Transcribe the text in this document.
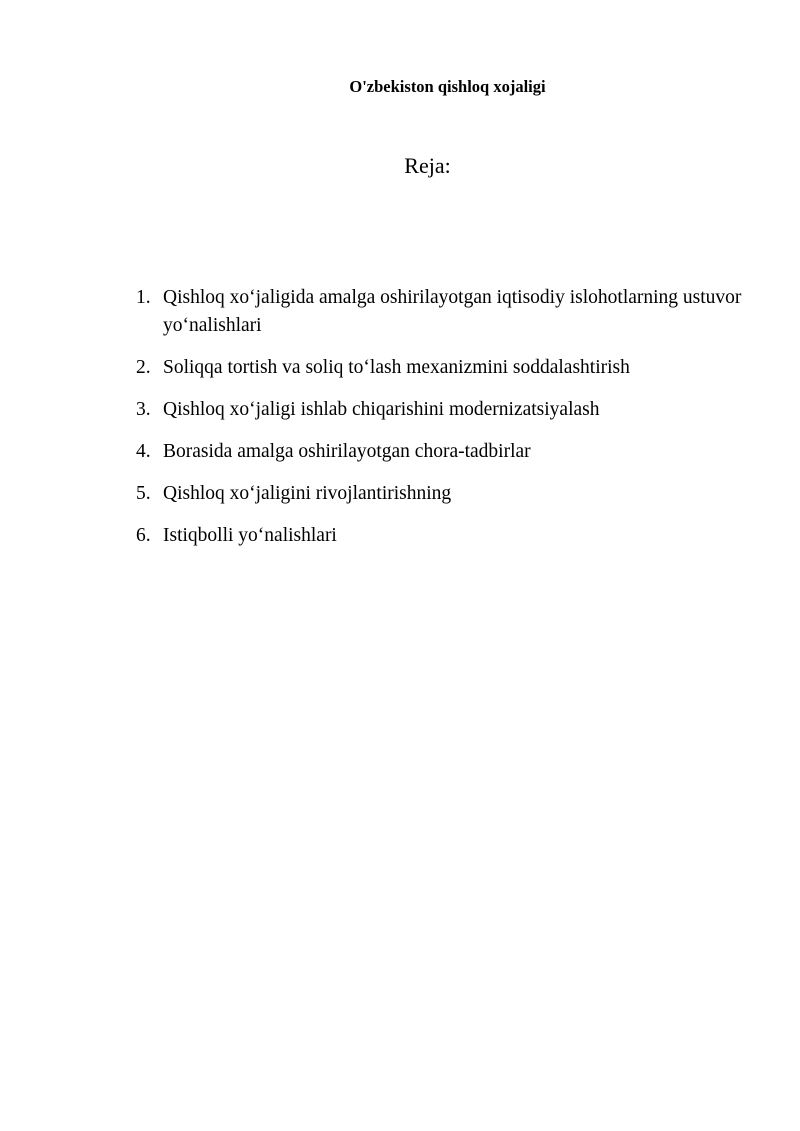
O'zbekiston qishloq xojaligi
Reja:
1. Qishloq xo‘jaligida amalga oshirilayotgan iqtisodiy islohotlarning ustuvor yo‘nalishlari
2. Soliqqa tortish va soliq to‘lash mexanizmini soddalashtirish
3. Qishloq xo‘jaligi ishlab chiqarishini modernizatsiyalash
4. Borasida amalga oshirilayotgan chora-tadbirlar
5. Qishloq xo‘jaligini rivojlantirishning
6. Istiqbolli yo‘nalishlari
